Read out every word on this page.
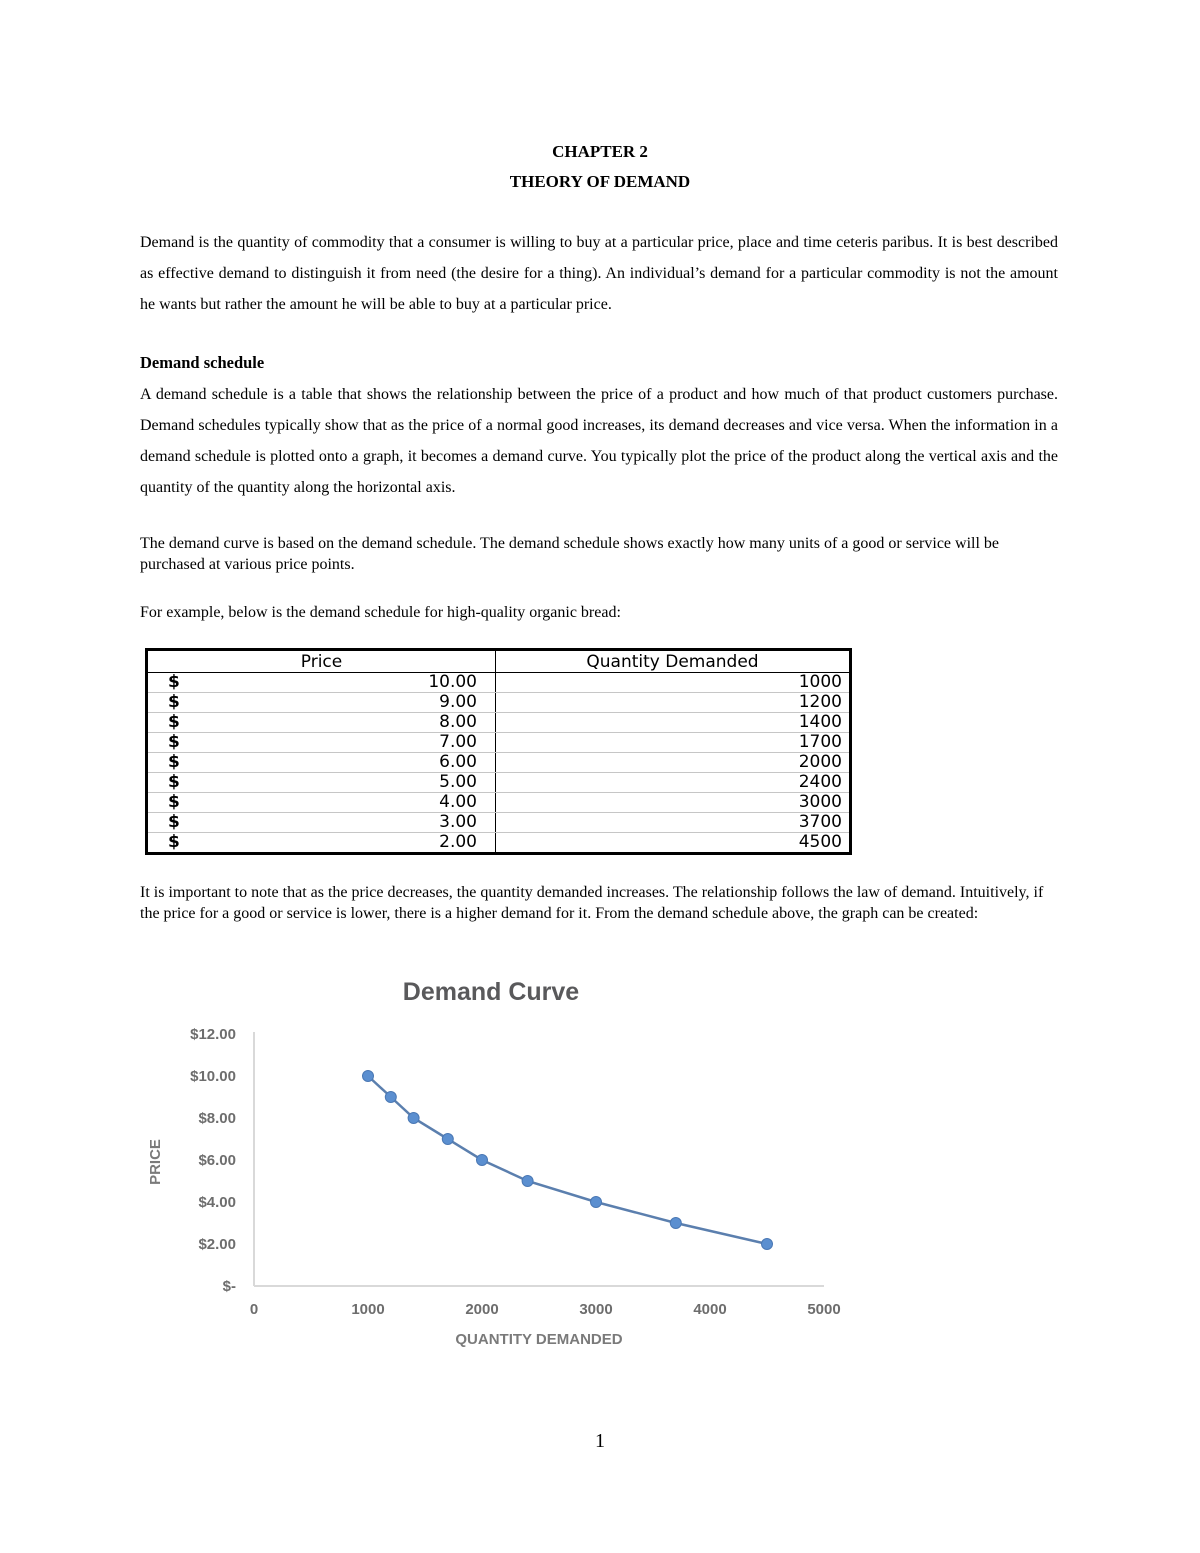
CHAPTER 2
THEORY OF DEMAND
Demand is the quantity of commodity that a consumer is willing to buy at a particular price, place and time ceteris paribus. It is best described as effective demand to distinguish it from need (the desire for a thing). An individual’s demand for a particular commodity is not the amount he wants but rather the amount he will be able to buy at a particular price.
Demand schedule
A demand schedule is a table that shows the relationship between the price of a product and how much of that product customers purchase. Demand schedules typically show that as the price of a normal good increases, its demand decreases and vice versa. When the information in a demand schedule is plotted onto a graph, it becomes a demand curve. You typically plot the price of the product along the vertical axis and the quantity of the quantity along the horizontal axis.
The demand curve is based on the demand schedule. The demand schedule shows exactly how many units of a good or service will be purchased at various price points.
For example, below is the demand schedule for high-quality organic bread:
Price	Quantity Demanded

$ 10.00	1000

$ 9.00	1200

$ 8.00	1400

$ 7.00	1700

$ 6.00	2000

$ 5.00	2400

$ 4.00	3000

$ 3.00	3700

$ 2.00	4500
It is important to note that as the price decreases, the quantity demanded increases. The relationship follows the law of demand. Intuitively, if the price for a good or service is lower, there is a higher demand for it. From the demand schedule above, the graph can be created:
Demand Curve
$-
$2.00
$4.00
$6.00
$8.00
$10.00
$12.00
0	1000	2000	3000	4000	5000
PRICE
QUANTITY DEMANDED
1
